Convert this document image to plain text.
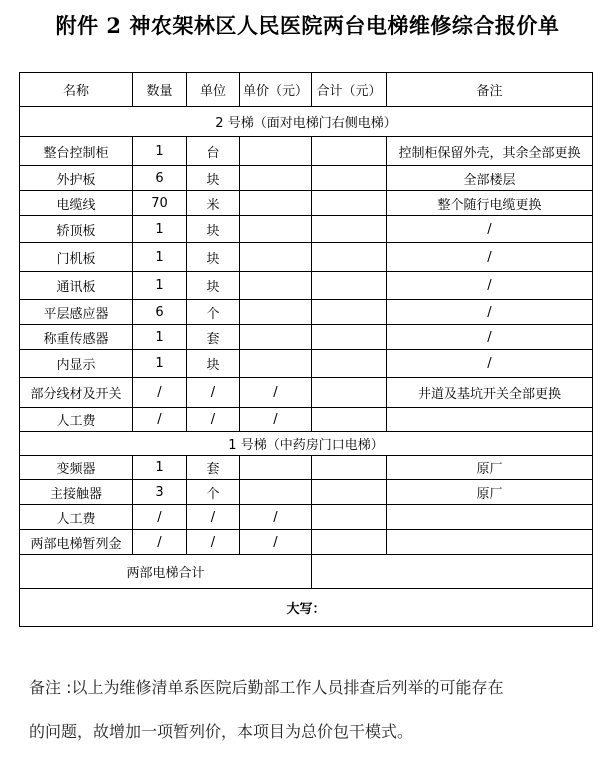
附件 2 神农架林区人民医院两台电梯维修综合报价单
名称	数量	单位	单价（元）	合计（元）	备注
2 号梯（面对电梯门右侧电梯）					
整台控制柜	1	台			控制柜保留外壳，其余全部更换
外护板	6	块			全部楼层
电缆线	70	米			整个随行电缆更换
轿顶板	1	块			/
门机板	1	块			/
通讯板	1	块			/
平层感应器	6	个			/
称重传感器	1	套			/
内显示	1	块			/
部分线材及开关	/	/	/		井道及基坑开关全部更换
人工费	/	/	/		
1 号梯（中药房门口电梯）					
变频器	1	套			原厂
主接触器	3	个			原厂
人工费	/	/	/		
两部电梯暂列金	/	/	/		
两部电梯合计					
大写：					

备注 :以上为维修清单系医院后勤部工作人员排查后列举的可能存在

的问题，故增加一项暂列价，本项目为总价包干模式。
